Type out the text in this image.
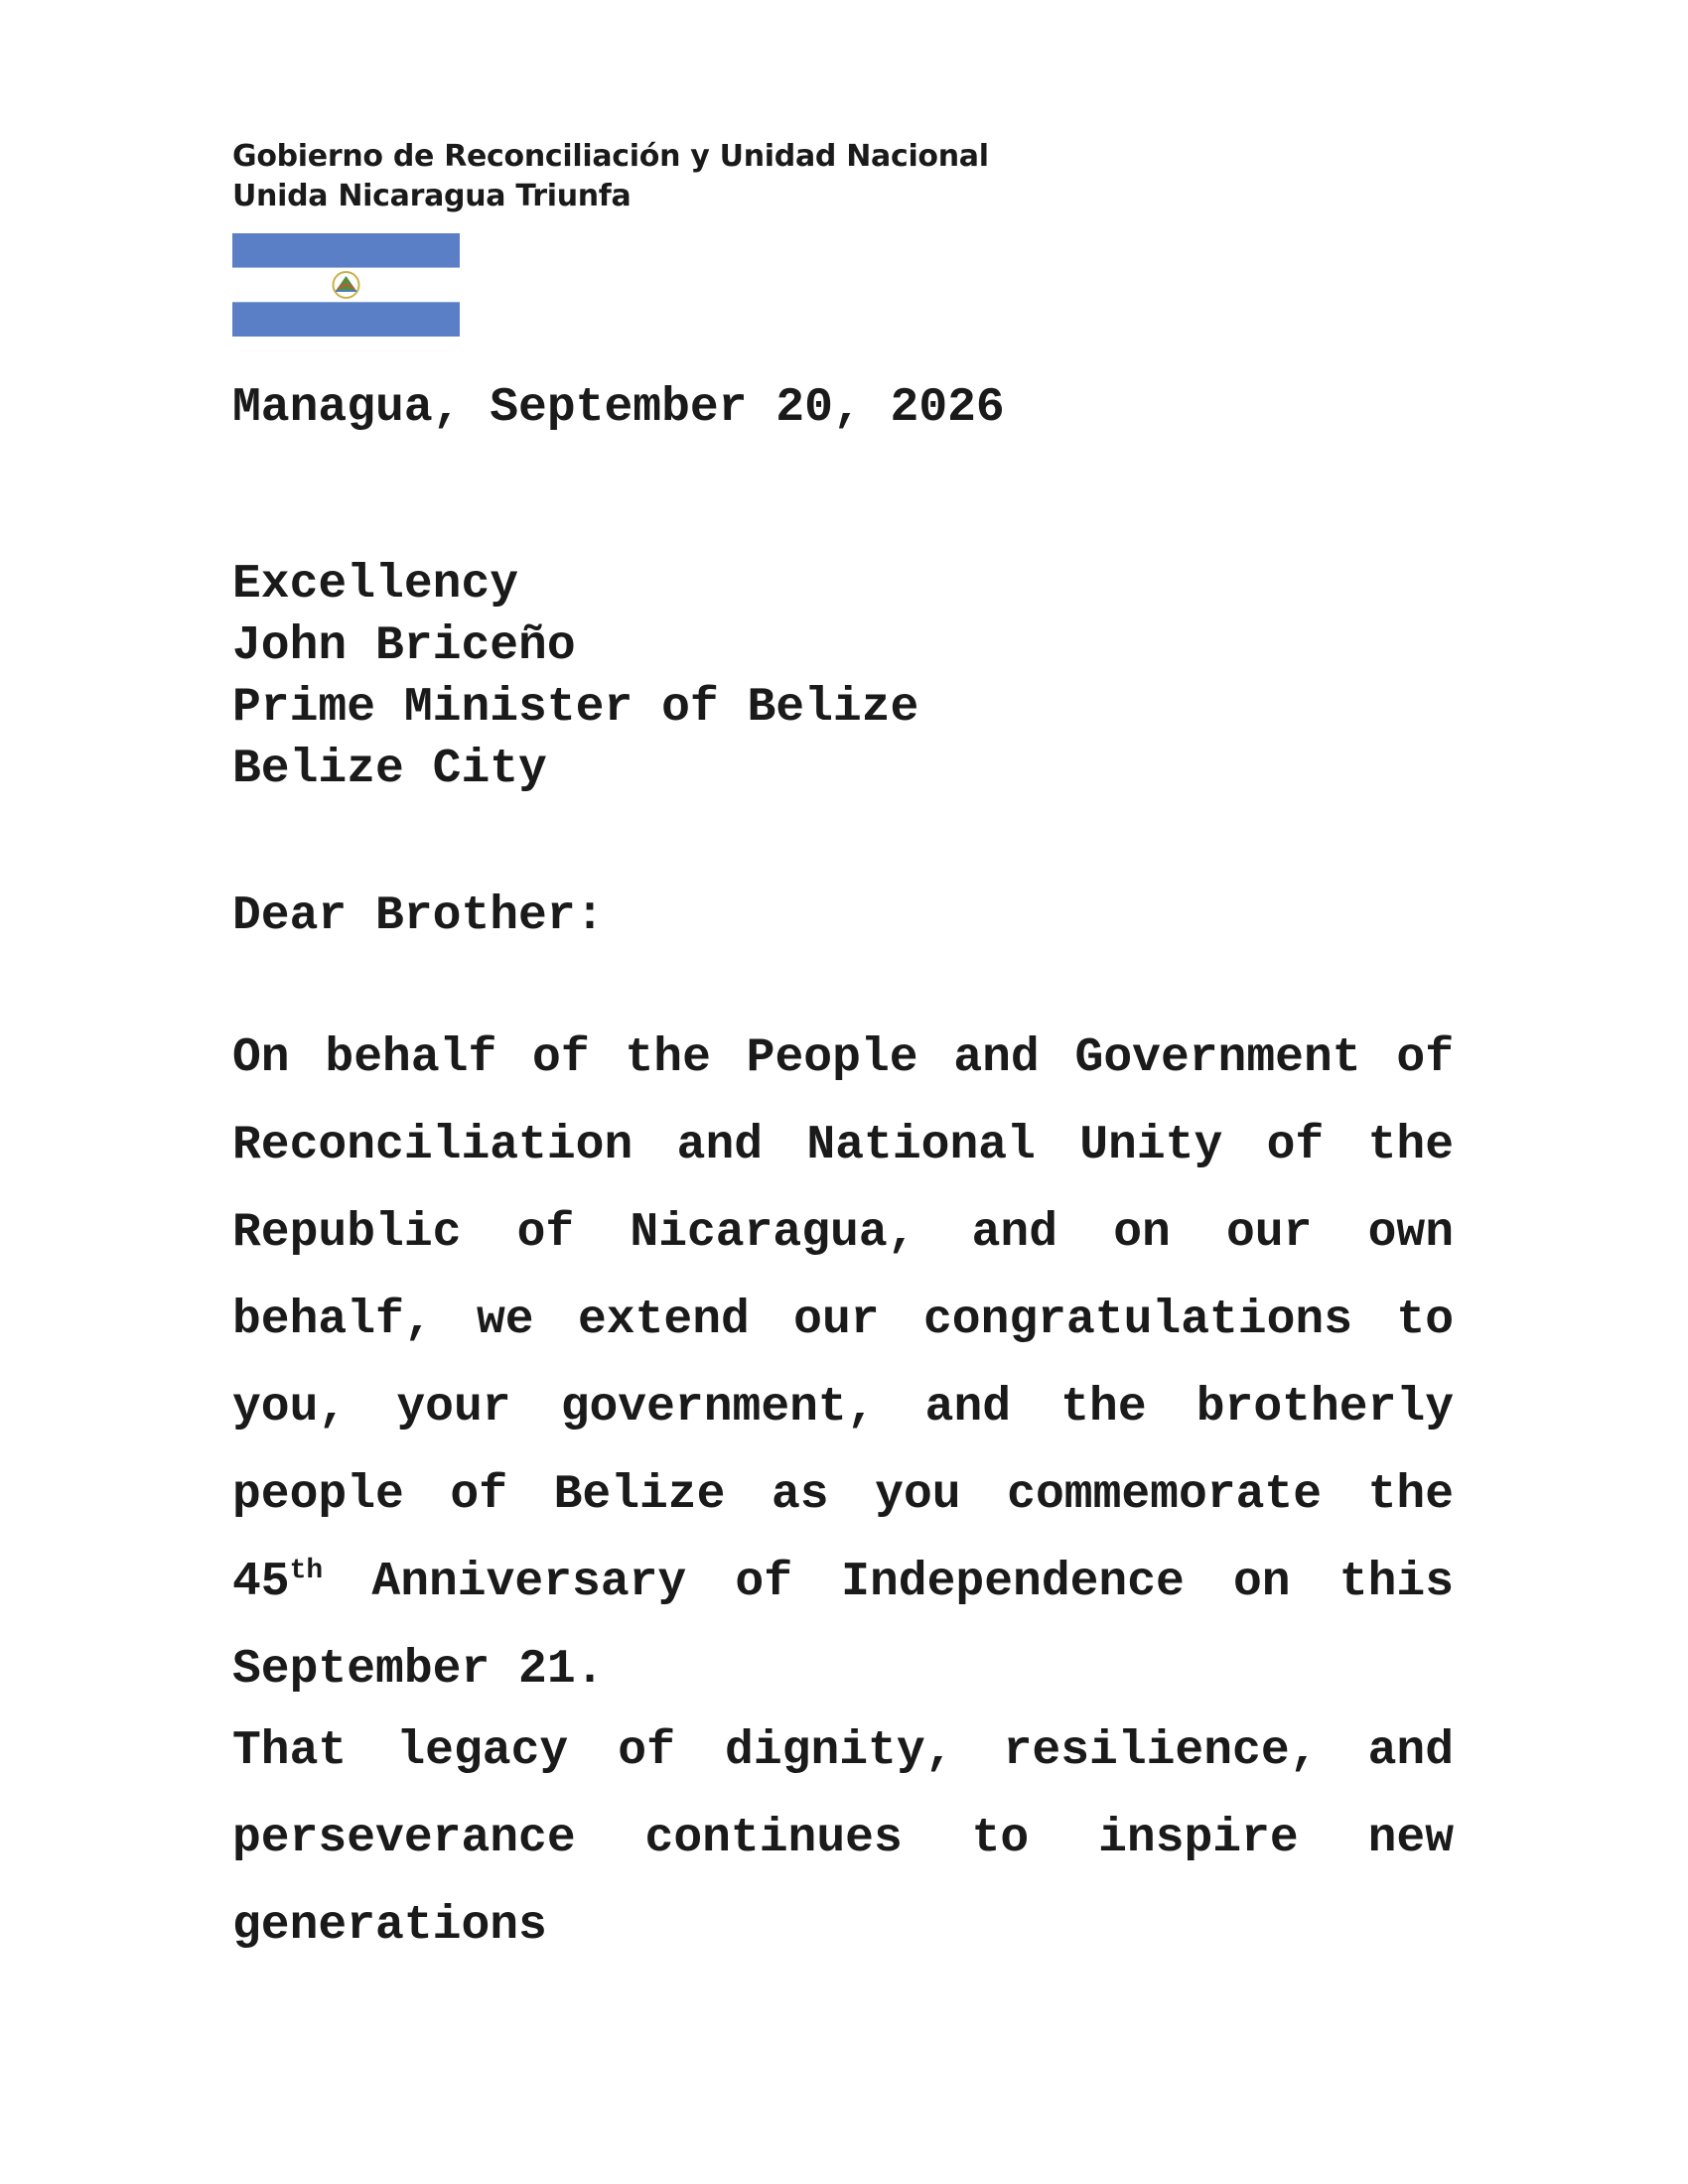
Gobierno de Reconciliación y Unidad Nacional
Unida Nicaragua Triunfa
Managua, September 20, 2026
Excellency
John Briceño
Prime Minister of Belize
Belize City
Dear Brother:
On behalf of the People and Government of Reconciliation and National Unity of the Republic of Nicaragua, and on our own behalf, we extend our congratulations to you, your government, and the brotherly people of Belize as you commemorate the 45th Anniversary of Independence on this September 21.
That legacy of dignity, resilience, and perseverance continues to inspire new generations
